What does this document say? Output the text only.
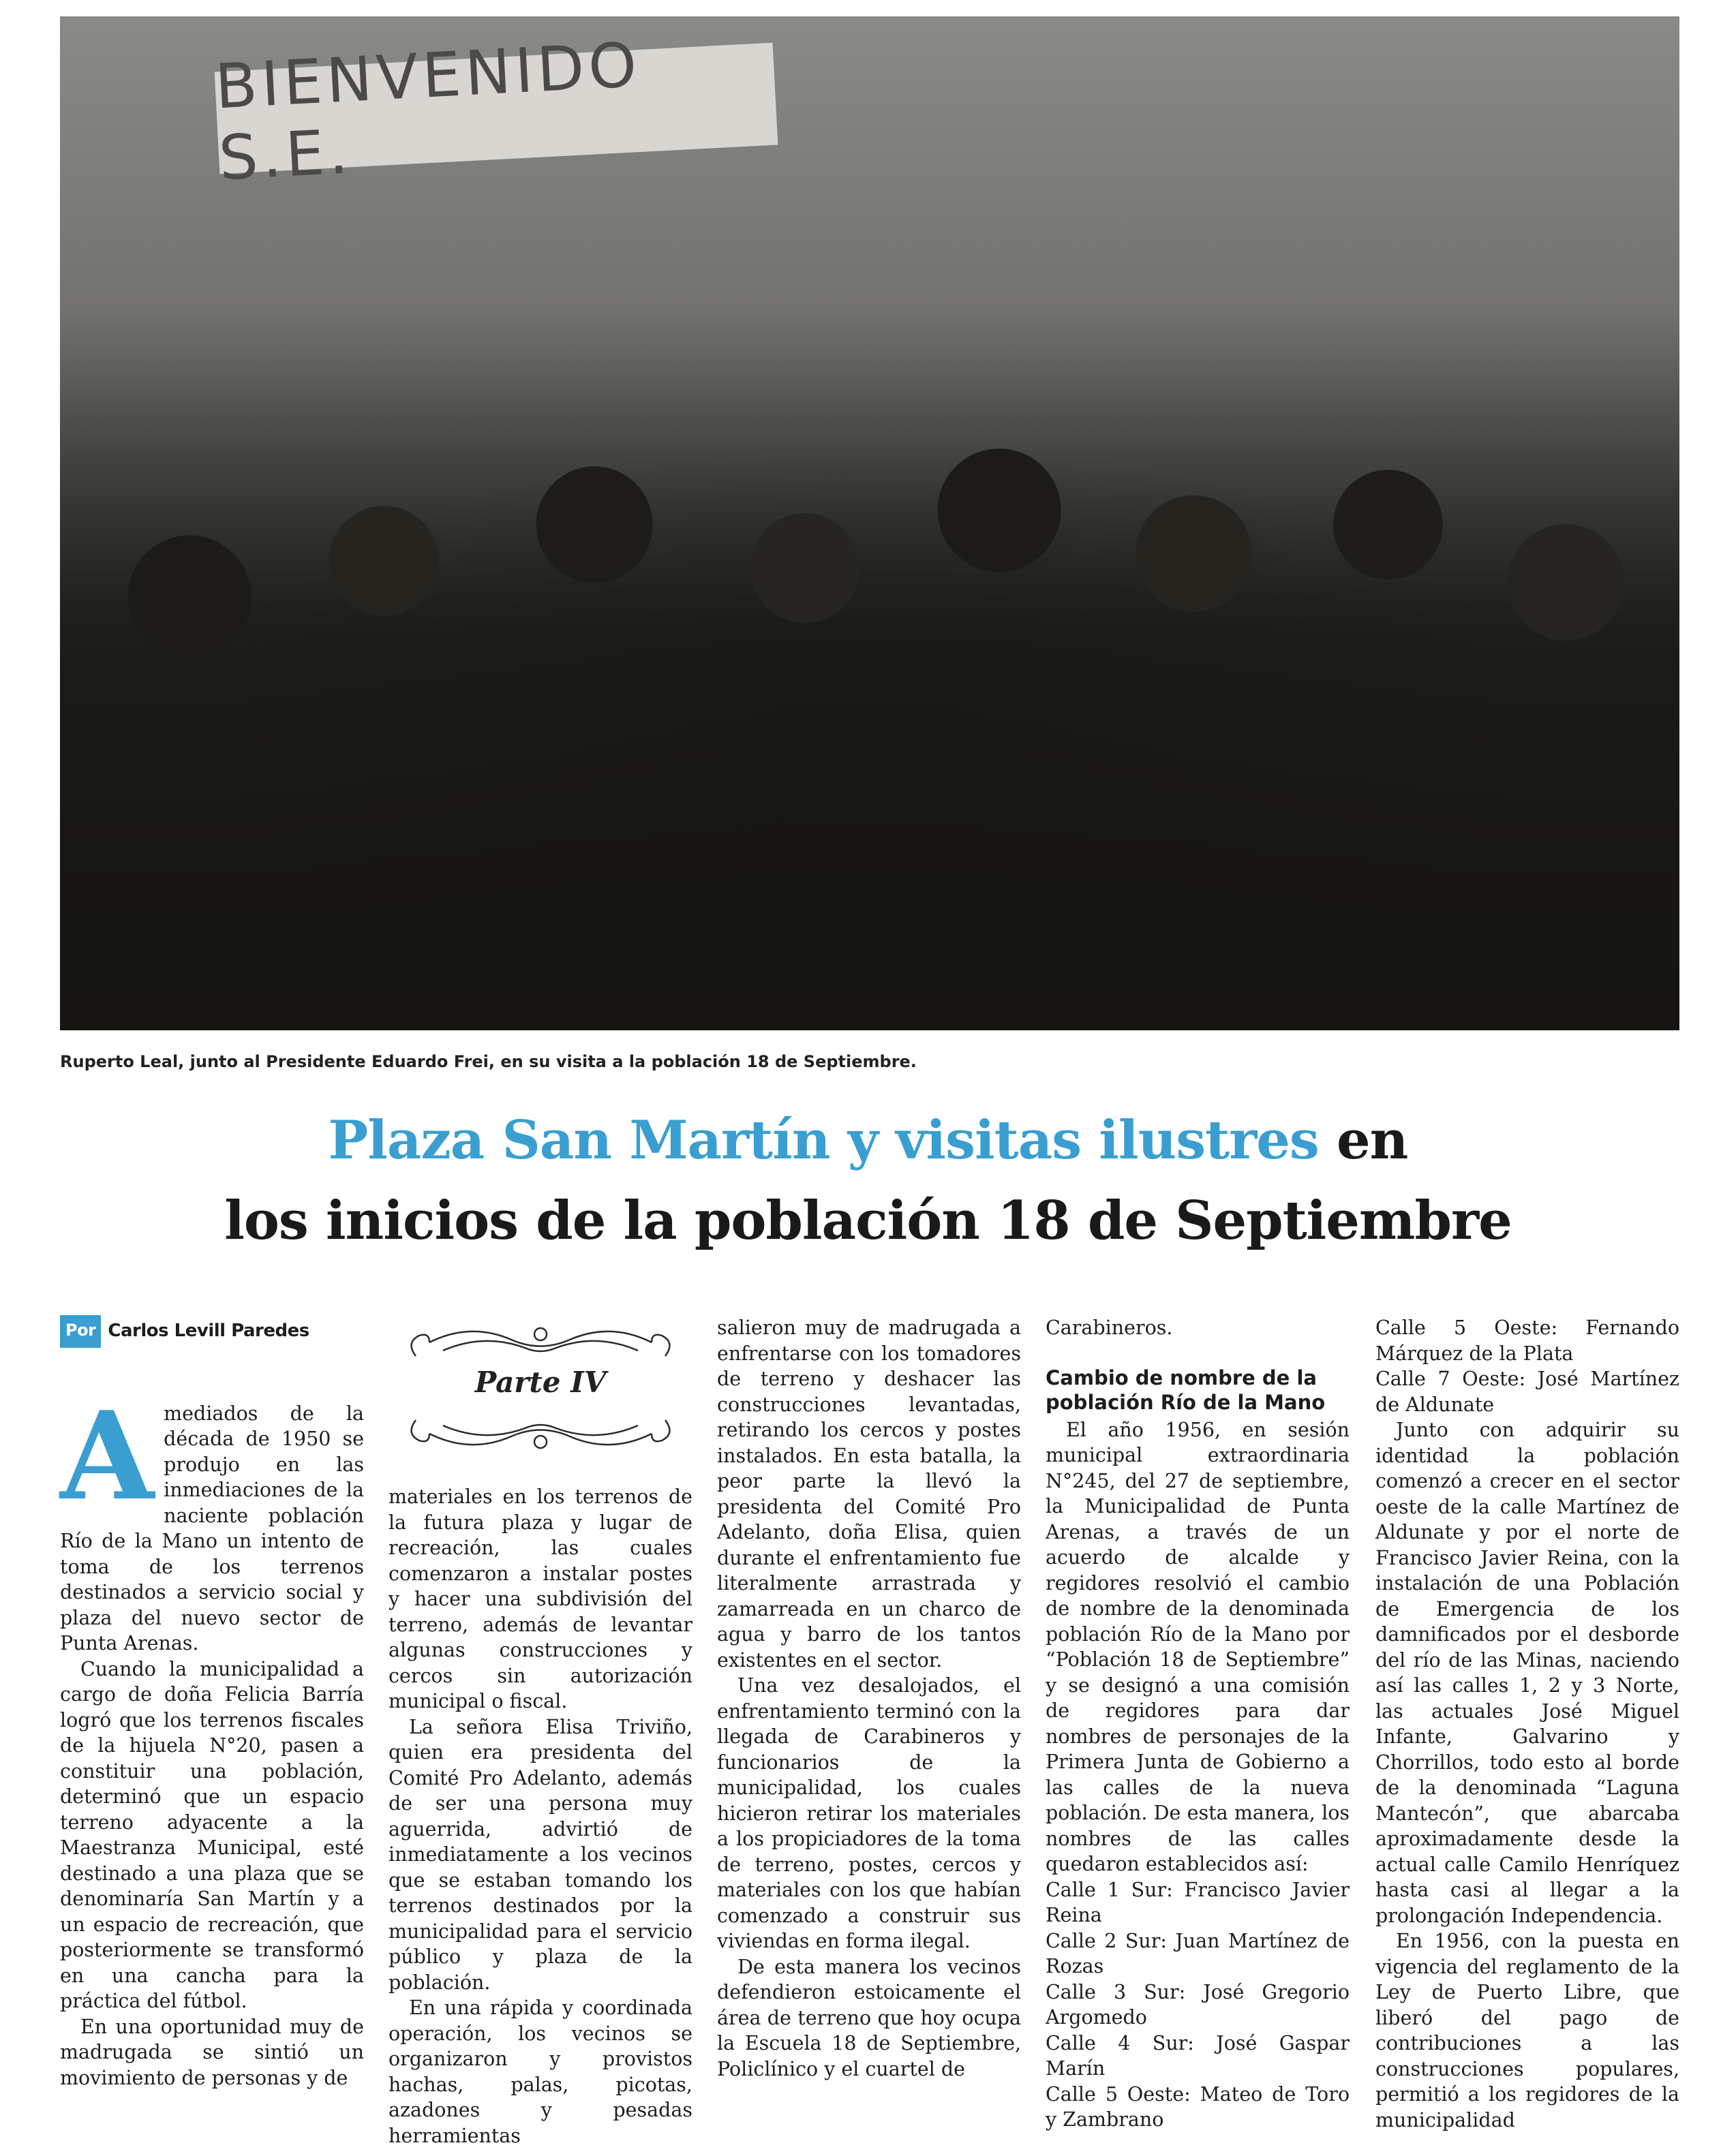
BIENVENIDO S.E.
Ruperto Leal, junto al Presidente Eduardo Frei, en su visita a la población 18 de Septiembre.
Plaza San Martín y visitas ilustres en
los inicios de la población 18 de Septiembre
Por Carlos Levill Paredes

Amediados de la década de 1950 se produjo en las inmediaciones de la naciente población Río de la Mano un intento de toma de los terrenos destinados a servicio social y plaza del nuevo sector de Punta Arenas.

Cuando la municipalidad a cargo de doña Felicia Barría logró que los terrenos fiscales de la hijuela N°20, pasen a constituir una población, determinó que un espacio terreno adyacente a la Maestranza Municipal, esté destinado a una plaza que se denominaría San Martín y a un espacio de recreación, que posteriormente se transformó en una cancha para la práctica del fútbol.

En una oportunidad muy de madrugada se sintió un movimiento de personas y de

Parte IV

materiales en los terrenos de la futura plaza y lugar de recreación, las cuales comenzaron a instalar postes y hacer una subdivisión del terreno, además de levantar algunas construcciones y cercos sin autorización municipal o fiscal.

La señora Elisa Triviño, quien era presidenta del Comité Pro Adelanto, además de ser una persona muy aguerrida, advirtió de inmediatamente a los vecinos que se estaban tomando los terrenos destinados por la municipalidad para el servicio público y plaza de la población.

En una rápida y coordinada operación, los vecinos se organizaron y provistos hachas, palas, picotas, azadones y pesadas herramientas

salieron muy de madrugada a enfrentarse con los tomadores de terreno y deshacer las construcciones levantadas, retirando los cercos y postes instalados. En esta batalla, la peor parte la llevó la presidenta del Comité Pro Adelanto, doña Elisa, quien durante el enfrentamiento fue literalmente arrastrada y zamarreada en un charco de agua y barro de los tantos existentes en el sector.

Una vez desalojados, el enfrentamiento terminó con la llegada de Carabineros y funcionarios de la municipalidad, los cuales hicieron retirar los materiales a los propiciadores de la toma de terreno, postes, cercos y materiales con los que habían comenzado a construir sus viviendas en forma ilegal.

De esta manera los vecinos defendieron estoicamente el área de terreno que hoy ocupa la Escuela 18 de Septiembre, Policlínico y el cuartel de

Carabineros.

Cambio de nombre de la población Río de la Mano

El año 1956, en sesión municipal extraordinaria N°245, del 27 de septiembre, la Municipalidad de Punta Arenas, a través de un acuerdo de alcalde y regidores resolvió el cambio de nombre de la denominada población Río de la Mano por “Población 18 de Septiembre” y se designó a una comisión de regidores para dar nombres de personajes de la Primera Junta de Gobierno a las calles de la nueva población. De esta manera, los nombres de las calles quedaron establecidos así:

Calle 1 Sur: Francisco Javier Reina

Calle 2 Sur: Juan Martínez de Rozas

Calle 3 Sur: José Gregorio Argomedo

Calle 4 Sur: José Gaspar Marín

Calle 5 Oeste: Mateo de Toro y Zambrano

Calle 5 Oeste: Fernando Márquez de la Plata

Calle 7 Oeste: José Martínez de Aldunate

Junto con adquirir su identidad la población comenzó a crecer en el sector oeste de la calle Martínez de Aldunate y por el norte de Francisco Javier Reina, con la instalación de una Población de Emergencia de los damnificados por el desborde del río de las Minas, naciendo así las calles 1, 2 y 3 Norte, las actuales José Miguel Infante, Galvarino y Chorrillos, todo esto al borde de la denominada “Laguna Mantecón”, que abarcaba aproximadamente desde la actual calle Camilo Henríquez hasta casi al llegar a la prolongación Independencia.

En 1956, con la puesta en vigencia del reglamento de la Ley de Puerto Libre, que liberó del pago de contribuciones a las construcciones populares, permitió a los regidores de la municipalidad
